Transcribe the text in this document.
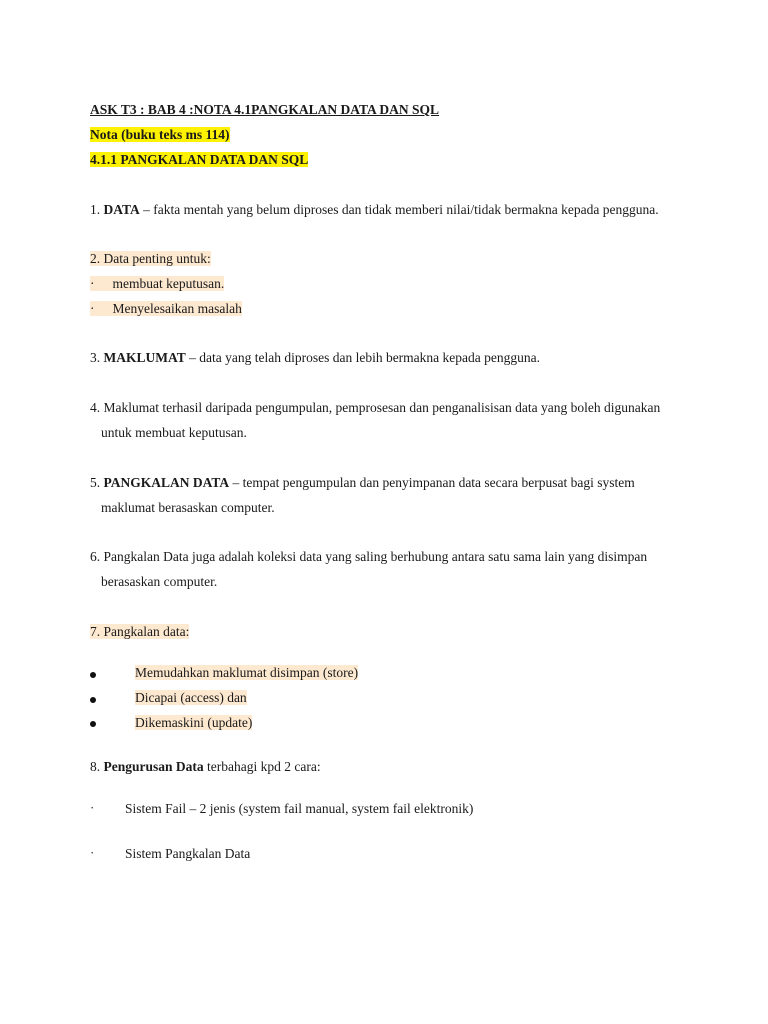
ASK T3 : BAB 4 :NOTA 4.1PANGKALAN DATA DAN SQL
Nota (buku teks ms 114)
4.1.1 PANGKALAN DATA DAN SQL
1. DATA – fakta mentah yang belum diproses dan tidak memberi nilai/tidak bermakna kepada pengguna.
2. Data penting untuk:
· membuat keputusan.
· Menyelesaikan masalah
3. MAKLUMAT – data yang telah diproses dan lebih bermakna kepada pengguna.
4. Maklumat terhasil daripada pengumpulan, pemprosesan dan penganalisisan data yang boleh digunakan
untuk membuat keputusan.
5. PANGKALAN DATA – tempat pengumpulan dan penyimpanan data secara berpusat bagi system
maklumat berasaskan computer.
6. Pangkalan Data juga adalah koleksi data yang saling berhubung antara satu sama lain yang disimpan
berasaskan computer.
7. Pangkalan data:
Memudahkan maklumat disimpan (store)
Dicapai (access) dan
Dikemaskini (update)
8. Pengurusan Data terbahagi kpd 2 cara:
· Sistem Fail – 2 jenis (system fail manual, system fail elektronik)
· Sistem Pangkalan Data
